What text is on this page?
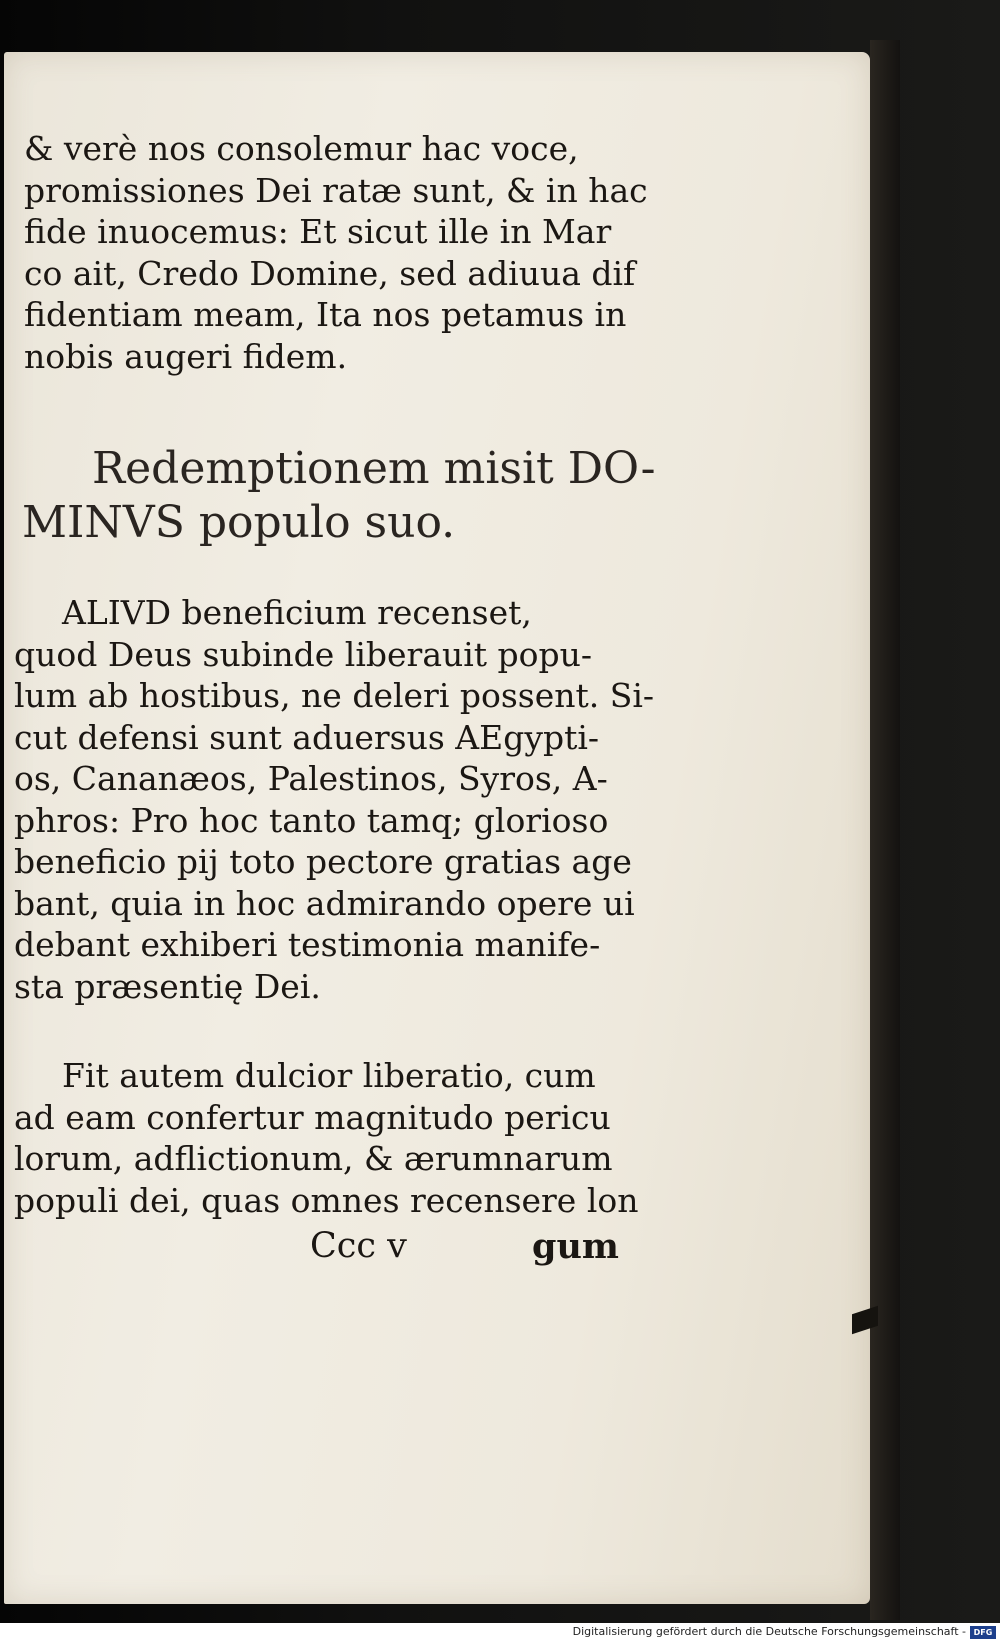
& verè nos consolemur hac voce,
promissiones Dei ratæ sunt, & in hac
fide inuocemus: Et sicut ille in Mar
co ait, Credo Domine, sed adiuua dif
fidentiam meam, Ita nos petamus in
nobis augeri fidem.
Redemptionem misit DO-
MINVS populo suo.
ALIVD beneficium recenset,
quod Deus subinde liberauit popu-
lum ab hostibus, ne deleri possent. Si-
cut defensi sunt aduersus AEgypti-
os, Cananæos, Palestinos, Syros, A-
phros: Pro hoc tanto tamq; glorioso
beneficio pij toto pectore gratias age
bant, quia in hoc admirando opere ui
debant exhiberi testimonia manife-
sta præsentię Dei.
Fit autem dulcior liberatio, cum
ad eam confertur magnitudo pericu
lorum, adflictionum, & ærumnarum
populi dei, quas omnes recensere lon
Ccc v	gum
Digitalisierung gefördert durch die Deutsche Forschungsgemeinschaft - DFG
